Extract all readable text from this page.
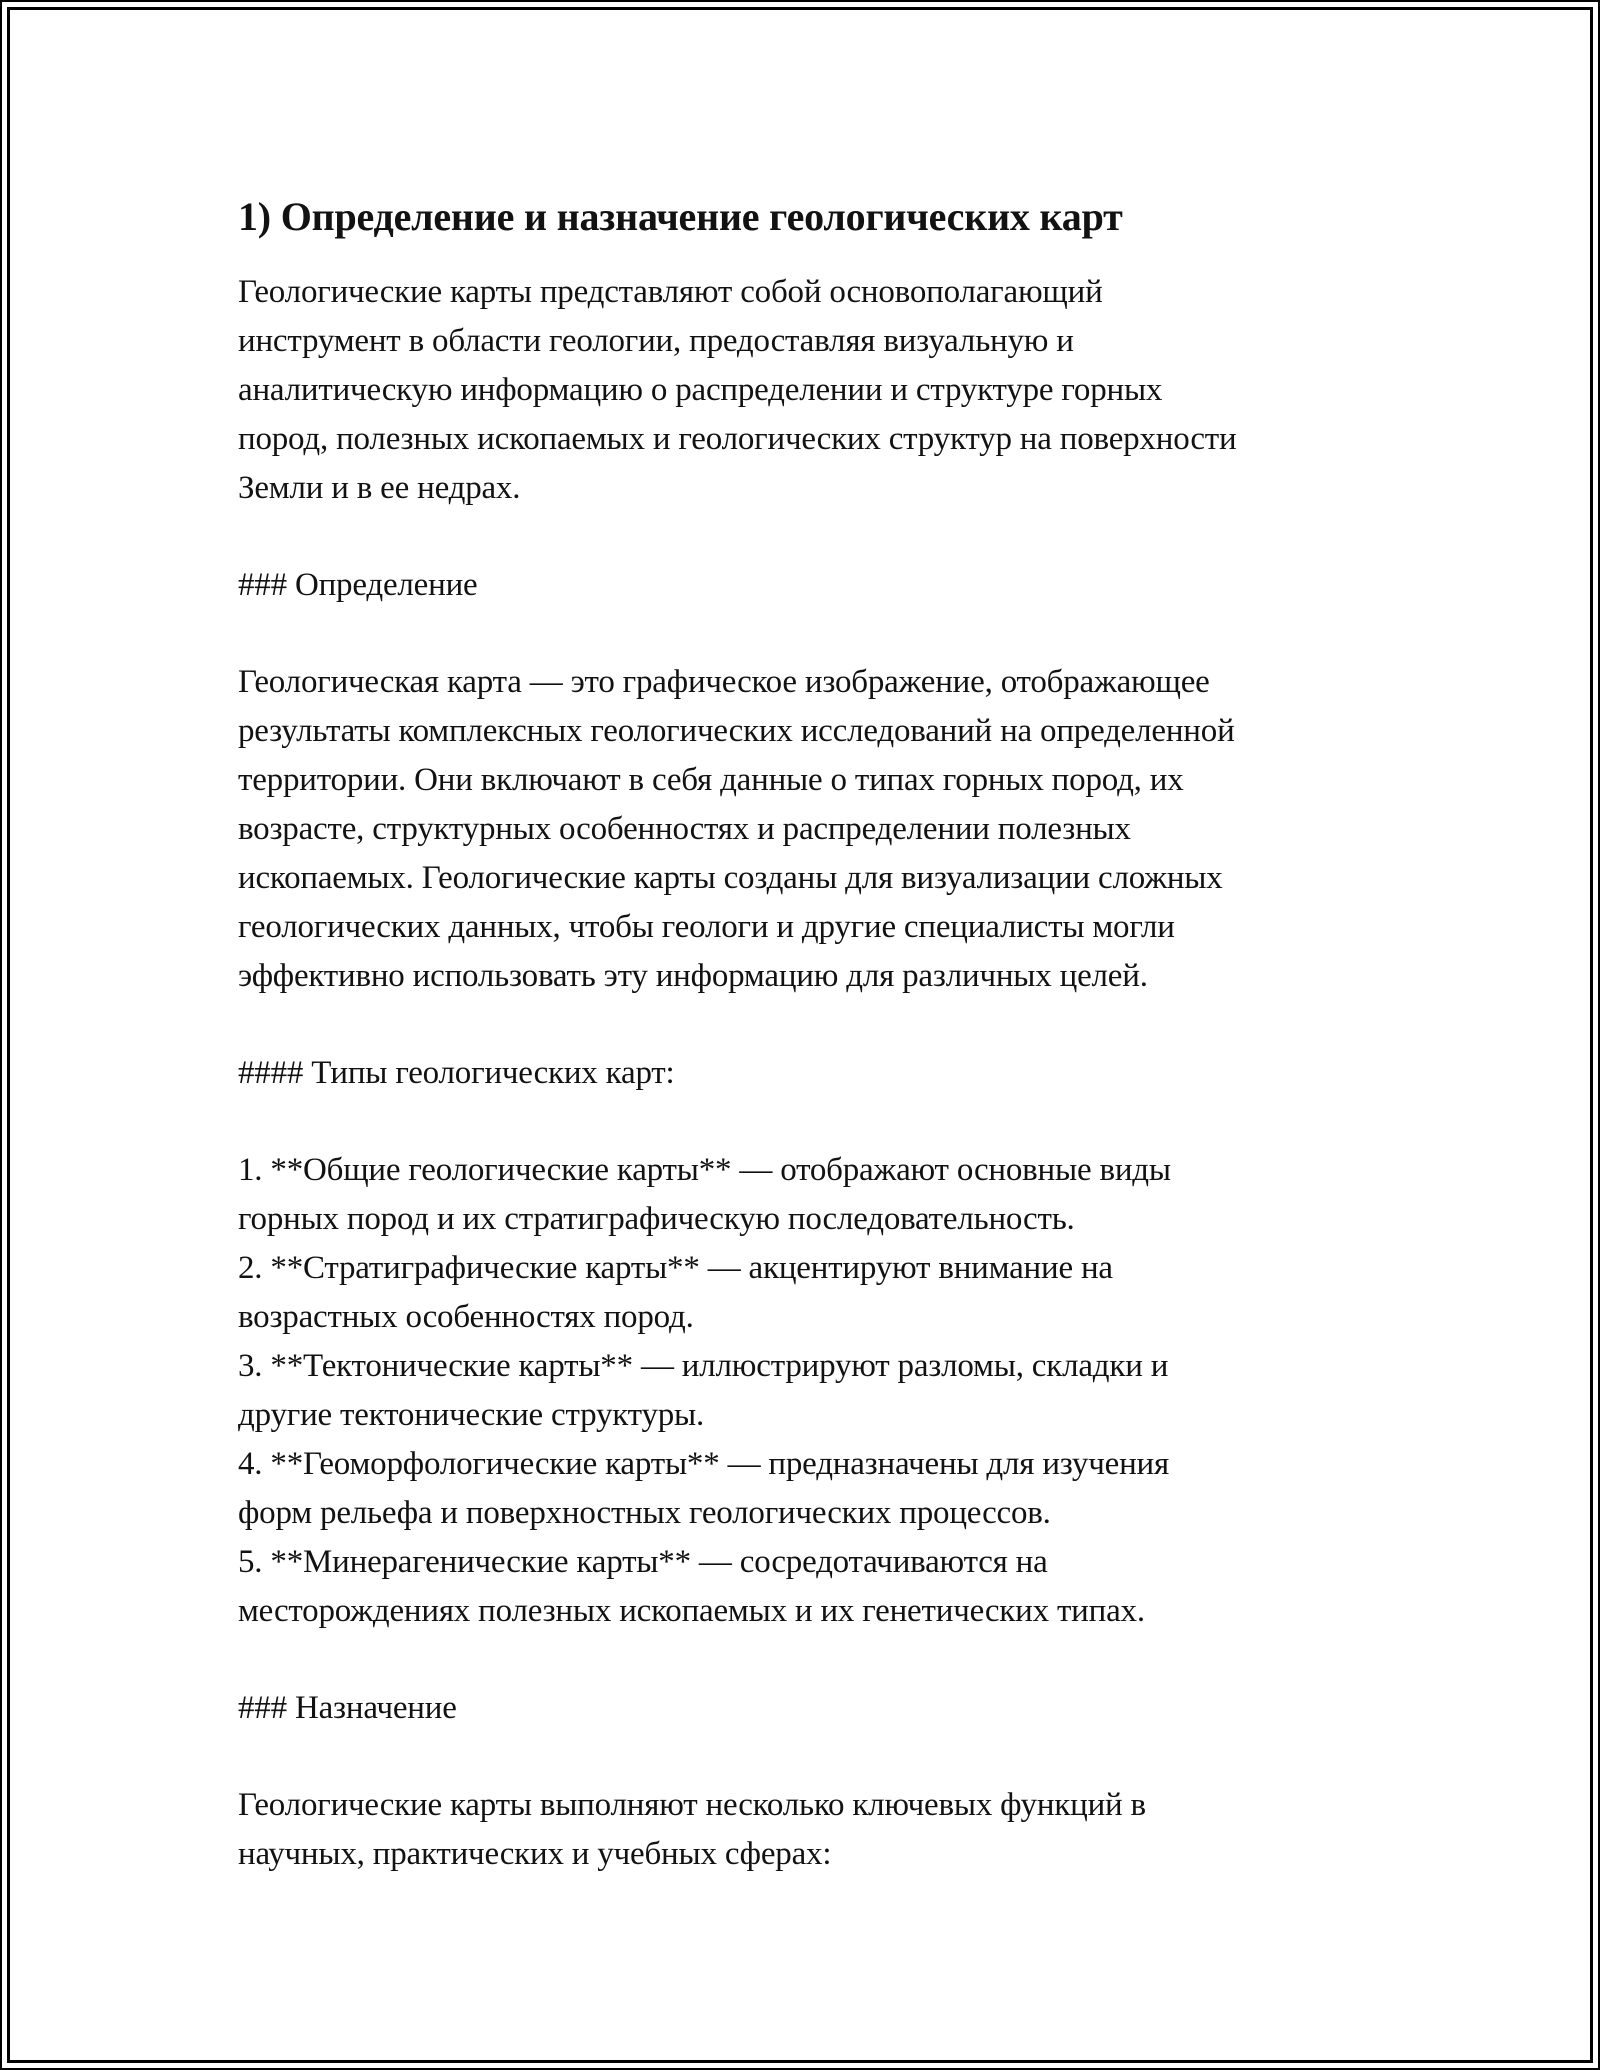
1) Определение и назначение геологических карт
Геологические карты представляют собой основополагающий
инструмент в области геологии, предоставляя визуальную и
аналитическую информацию о распределении и структуре горных
пород, полезных ископаемых и геологических структур на поверхности
Земли и в ее недрах.
### Определение
Геологическая карта — это графическое изображение, отображающее
результаты комплексных геологических исследований на определенной
территории. Они включают в себя данные о типах горных пород, их
возрасте, структурных особенностях и распределении полезных
ископаемых. Геологические карты созданы для визуализации сложных
геологических данных, чтобы геологи и другие специалисты могли
эффективно использовать эту информацию для различных целей.
#### Типы геологических карт:
1. **Общие геологические карты** — отображают основные виды
горных пород и их стратиграфическую последовательность.
2. **Стратиграфические карты** — акцентируют внимание на
возрастных особенностях пород.
3. **Тектонические карты** — иллюстрируют разломы, складки и
другие тектонические структуры.
4. **Геоморфологические карты** — предназначены для изучения
форм рельефа и поверхностных геологических процессов.
5. **Минерагенические карты** — сосредотачиваются на
месторождениях полезных ископаемых и их генетических типах.
### Назначение
Геологические карты выполняют несколько ключевых функций в
научных, практических и учебных сферах:
